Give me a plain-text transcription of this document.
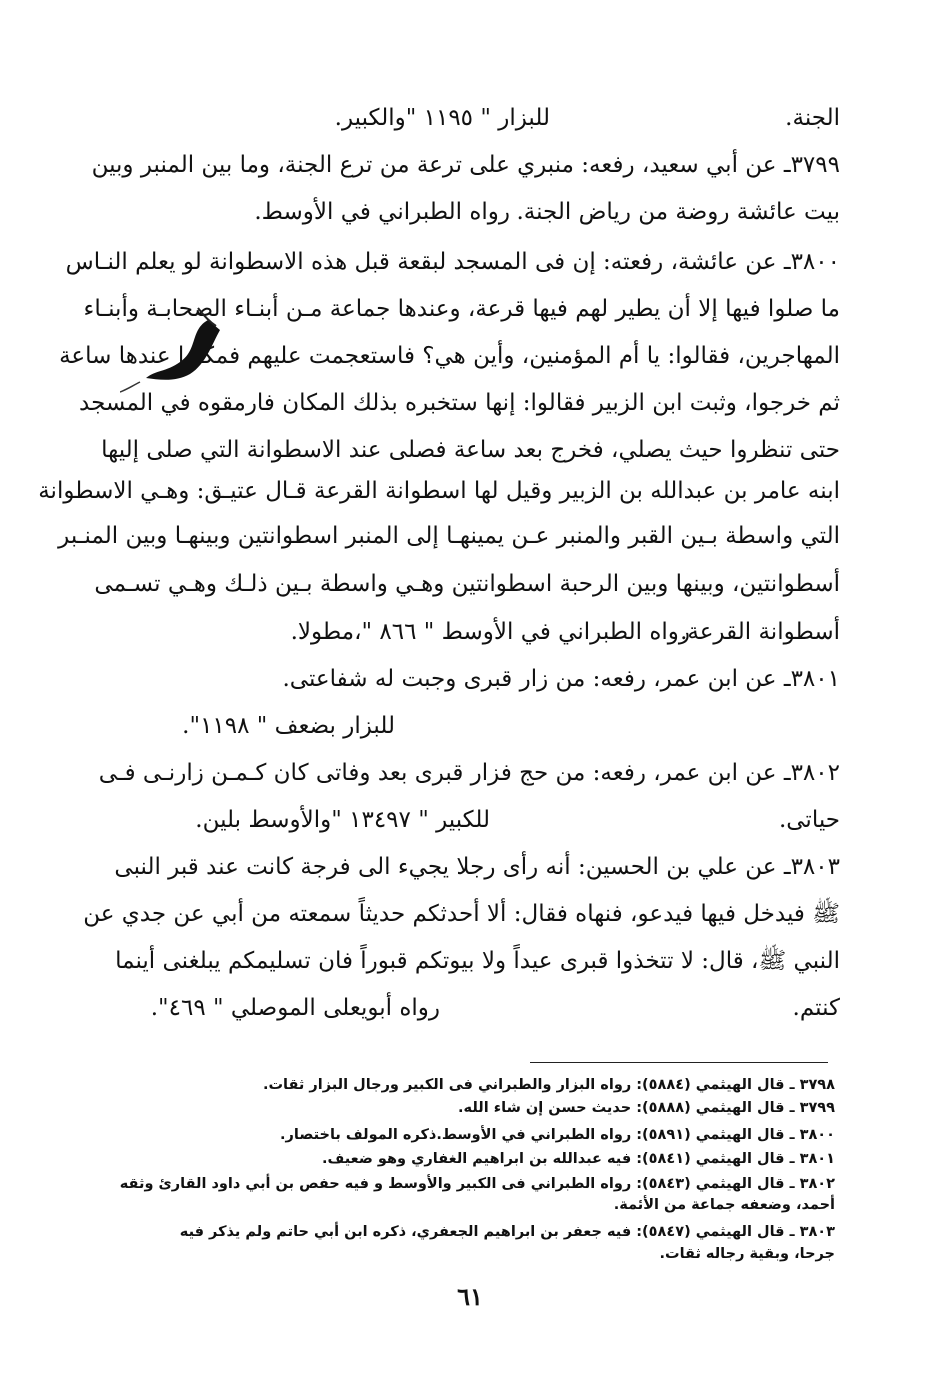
الجنة.
للبزار " ١١٩٥ "والكبير.
٣٧٩٩ـ عن أبي سعيد، رفعه: منبري على ترعة من ترع الجنة، وما بين المنبر وبين
بيت عائشة روضة من رياض الجنة.
رواه الطبراني في الأوسط.
٣٨٠٠ـ عن عائشة، رفعته: إن فى المسجد لبقعة قبل هذه الاسطوانة لو يعلم النـاس
ما صلوا فيها إلا أن يطير لهم فيها قرعة، وعندها جماعة مـن أبنـاء الصحابـة وأبنـاء
المهاجرين، فقالوا: يا أم المؤمنين، وأين هي؟ فاستعجمت عليهم فمكثوا عندها ساعة
ثم خرجوا، وثبت ابن الزبير فقالوا: إنها ستخبره بذلك المكان فارمقوه في المسجد
حتى تنظروا حيث يصلي، فخرج بعد ساعة فصلى عند الاسطوانة التي صلى إليها
ابنه عامر بن عبدالله بن الزبير وقيل لها اسطوانة القرعة قـال عتيـق: وهـي الاسطوانة
التي واسطة بـين القبر والمنبر عـن يمينهـا إلى المنبر اسطوانتين وبينهـا وبين المنـبر
أسطوانتين، وبينها وبين الرحبة اسطوانتين وهـي واسطة بـين ذلـك وهـي تسـمى
أسطوانة القرعة.
رواه الطبراني في الأوسط " ٨٦٦ "،مطولا.
٣٨٠١ـ عن ابن عمر، رفعه: من زار قبرى وجبت له شفاعتى.
للبزار بضعف " ١١٩٨".
٣٨٠٢ـ عن ابن عمر، رفعه: من حج فزار قبرى بعد وفاتى كان كـمـن زارنـى فـى
حياتى.
للكبير " ١٣٤٩٧ "والأوسط بلين.
٣٨٠٣ـ عن علي بن الحسين: أنه رأى رجلا يجيء الى فرجة كانت عند قبر النبى
ﷺ فيدخل فيها فيدعو، فنهاه فقال: ألا أحدثكم حديثاً سمعته من أبي عن جدي عن
النبي ﷺ، قال: لا تتخذوا قبرى عيداً ولا بيوتكم قبوراً فان تسليمكم يبلغنى أينما
كنتم.
رواه أبويعلى الموصلي " ٤٦٩".
٣٧٩٨ ـ قال الهيثمي (٥٨٨٤): رواه البزار والطبراني فى الكبير ورجال البزار ثقات.
٣٧٩٩ ـ قال الهيثمي (٥٨٨٨): حديث حسن إن شاء الله.
٣٨٠٠ ـ قال الهيثمي (٥٨٩١): رواه الطبراني في الأوسط.ذكره المولف باختصار.
٣٨٠١ ـ قال الهيثمي (٥٨٤١): فيه عبدالله بن ابراهيم الغفاري وهو ضعيف.
٣٨٠٢ ـ قال الهيثمي (٥٨٤٣): رواه الطبراني فى الكبير والأوسط و فيه حفص بن أبي داود القارئ وثقه
أحمد، وضعفه جماعة من الأئمة.
٣٨٠٣ ـ قال الهيثمي (٥٨٤٧): فيه جعفر بن ابراهيم الجعفري، ذكره ابن أبي حاتم ولم يذكر فيه
جرحا، وبقية رجاله ثقات.
٦١
